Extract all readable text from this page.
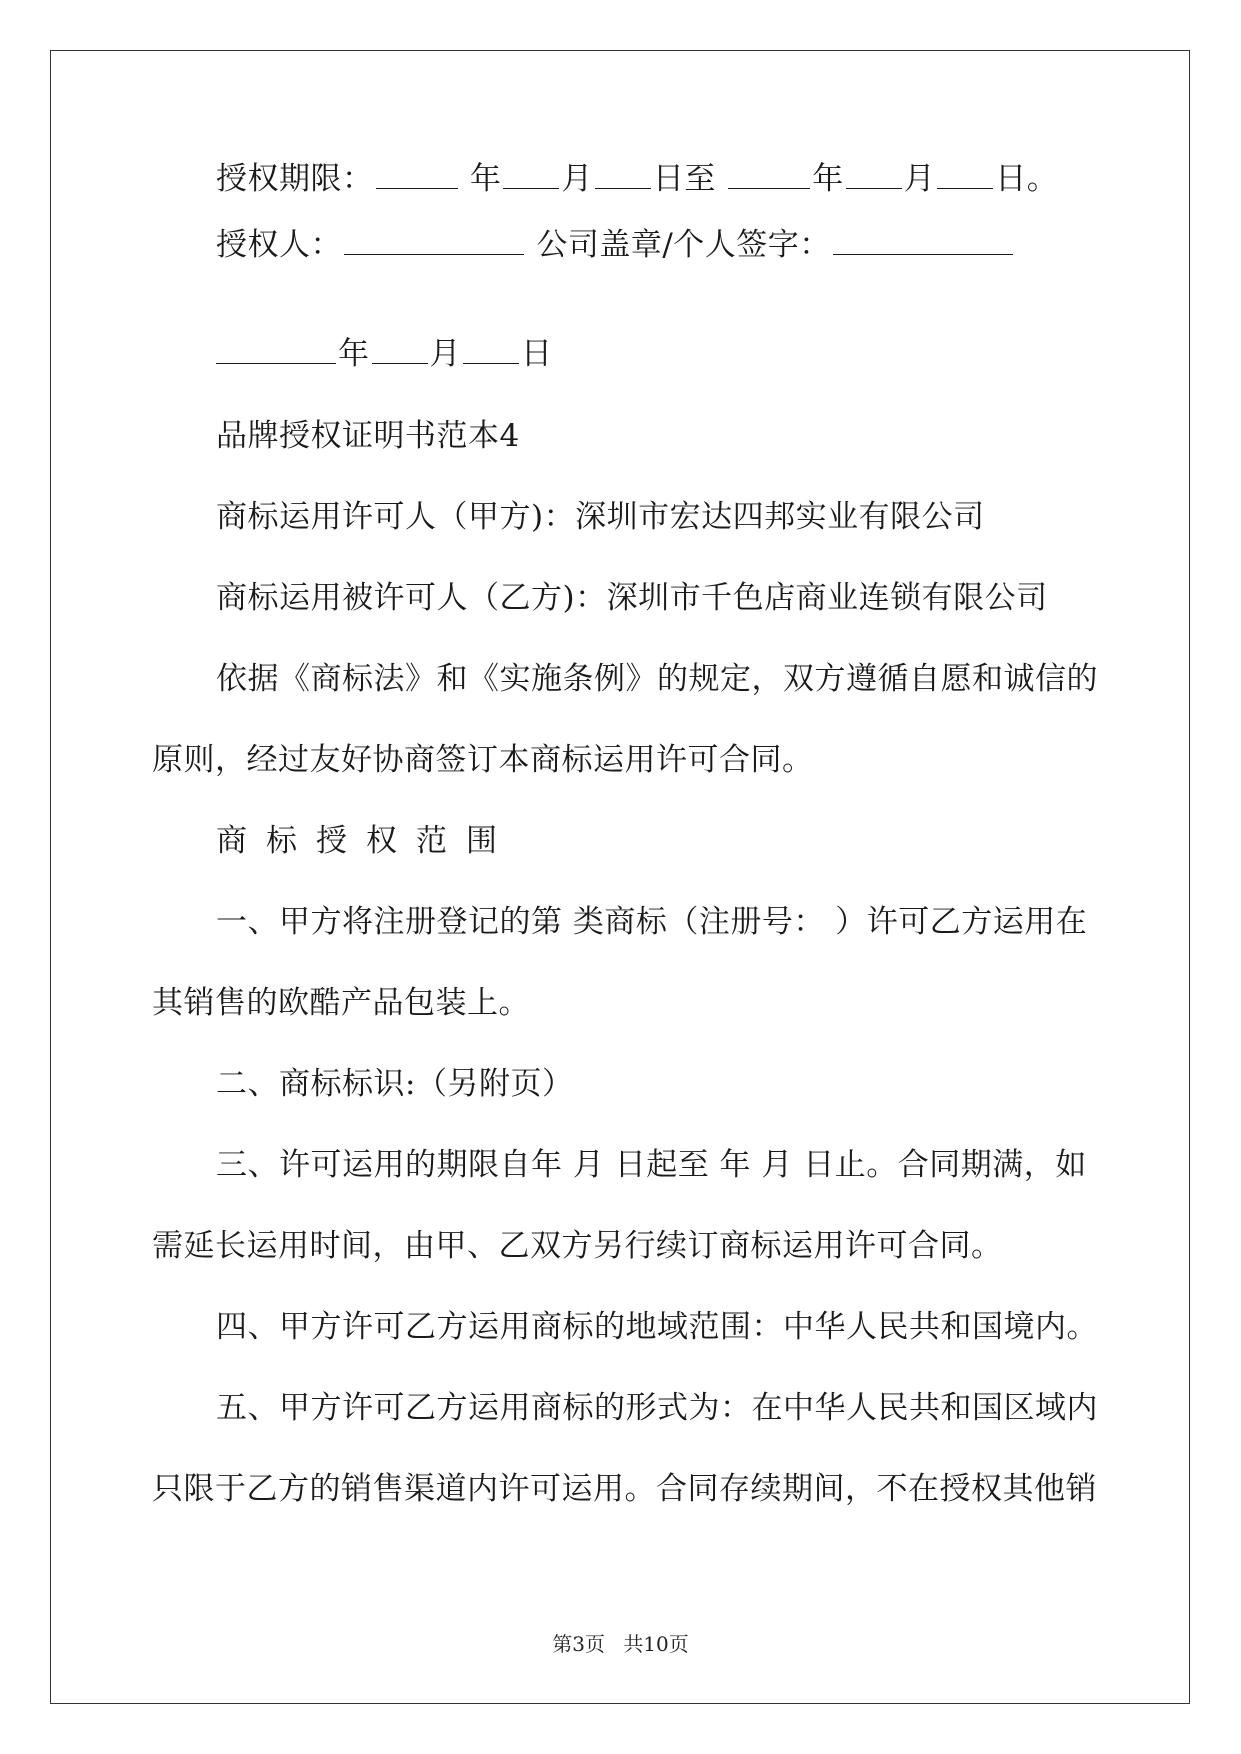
授权期限：	年 月 日至	年 月 日。
授权人：	公司盖章/个人签字：
年 月 日
品牌授权证明书范本4
商标运用许可人（甲方)：深圳市宏达四邦实业有限公司
商标运用被许可人（乙方)：深圳市千色店商业连锁有限公司
依据《商标法》和《实施条例》的规定，双方遵循自愿和诚信的
原则，经过友好协商签订本商标运用许可合同。
商标授权范围
一、甲方将注册登记的第 类商标（注册号： ）许可乙方运用在
其销售的欧酷产品包装上。
二、商标标识:（另附页）
三、许可运用的期限自年 月 日起至 年 月 日止。合同期满，如
需延长运用时间，由甲、乙双方另行续订商标运用许可合同。
四、甲方许可乙方运用商标的地域范围：中华人民共和国境内。
五、甲方许可乙方运用商标的形式为：在中华人民共和国区域内
只限于乙方的销售渠道内许可运用。合同存续期间，不在授权其他销
第3页 共10页
